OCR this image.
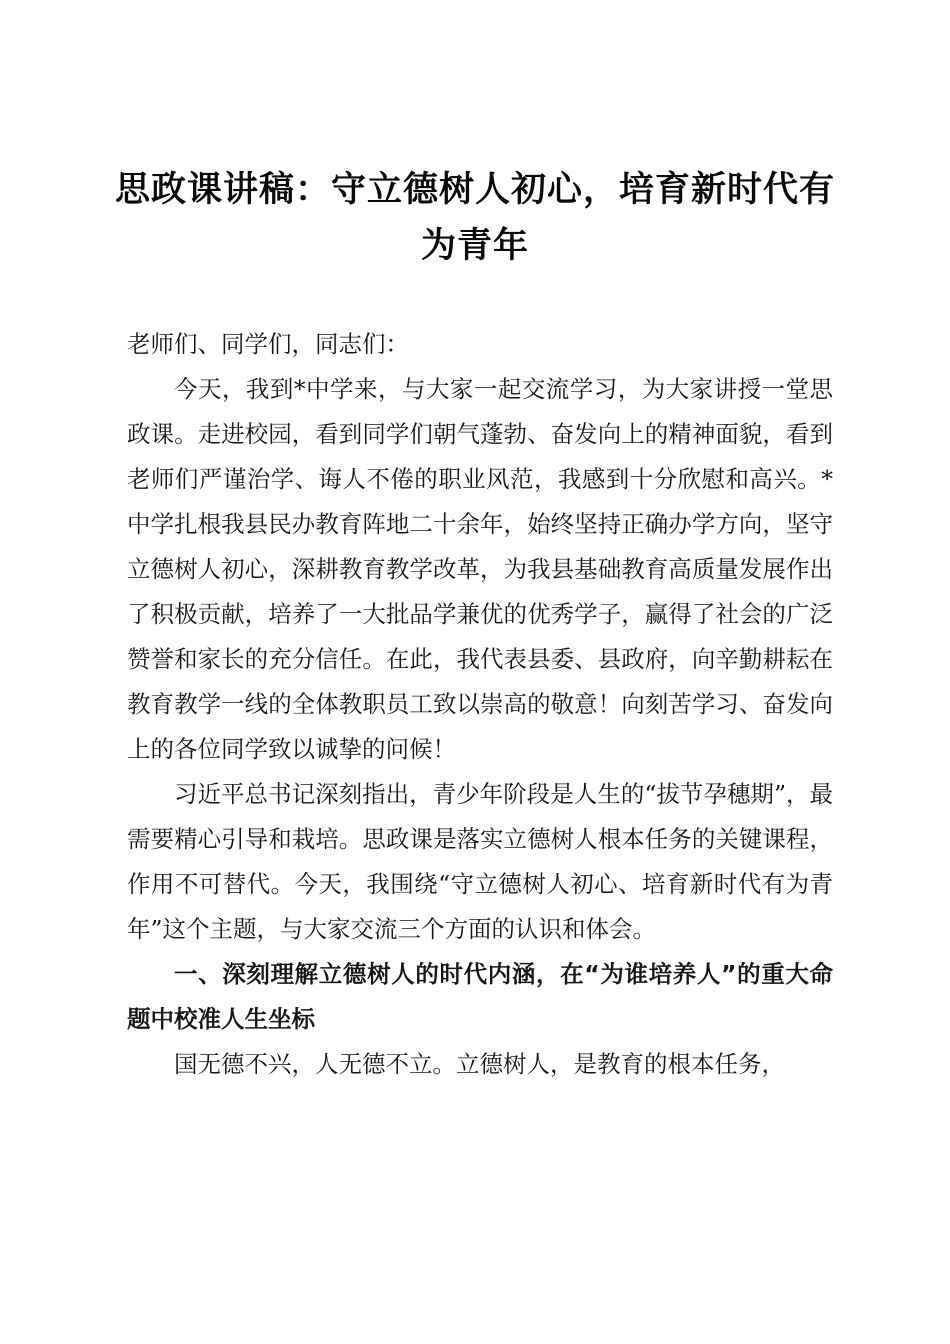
思政课讲稿：守立德树人初心，培育新时代有为青年

老师们、同学们，同志们：

今天，我到*中学来，与大家一起交流学习，为大家讲授一堂思政课。走进校园，看到同学们朝气蓬勃、奋发向上的精神面貌，看到老师们严谨治学、诲人不倦的职业风范，我感到十分欣慰和高兴。*中学扎根我县民办教育阵地二十余年，始终坚持正确办学方向，坚守立德树人初心，深耕教育教学改革，为我县基础教育高质量发展作出了积极贡献，培养了一大批品学兼优的优秀学子，赢得了社会的广泛赞誉和家长的充分信任。在此，我代表县委、县政府，向辛勤耕耘在教育教学一线的全体教职员工致以崇高的敬意！向刻苦学习、奋发向上的各位同学致以诚挚的问候！

习近平总书记深刻指出，青少年阶段是人生的“拔节孕穗期”，最需要精心引导和栽培。思政课是落实立德树人根本任务的关键课程，作用不可替代。今天，我围绕“守立德树人初心、培育新时代有为青年”这个主题，与大家交流三个方面的认识和体会。

一、深刻理解立德树人的时代内涵，在“为谁培养人”的重大命题中校准人生坐标

国无德不兴，人无德不立。立德树人，是教育的根本任务，
